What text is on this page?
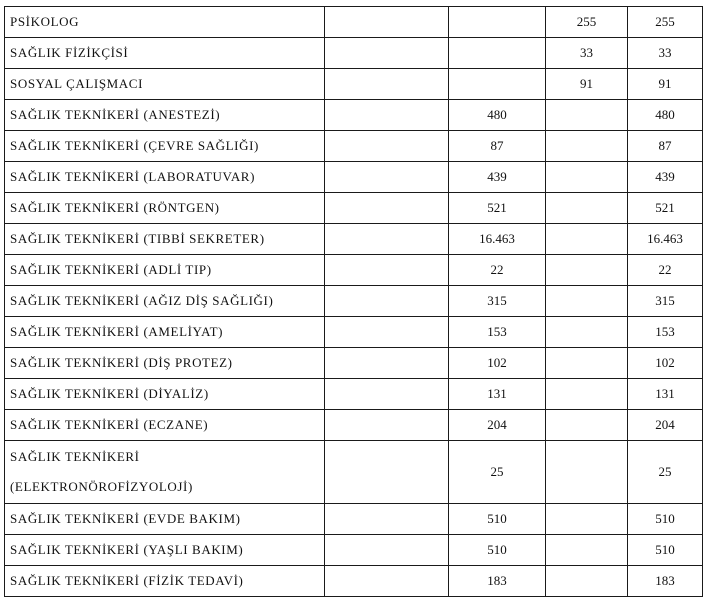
PSİKOLOG			255	255
SAĞLIK FİZİKÇİSİ			33	33
SOSYAL ÇALIŞMACI			91	91
SAĞLIK TEKNİKERİ (ANESTEZİ)		480		480
SAĞLIK TEKNİKERİ (ÇEVRE SAĞLIĞI)		87		87
SAĞLIK TEKNİKERİ (LABORATUVAR)		439		439
SAĞLIK TEKNİKERİ (RÖNTGEN)		521		521
SAĞLIK TEKNİKERİ (TIBBİ SEKRETER)		16.463		16.463
SAĞLIK TEKNİKERİ (ADLİ TIP)		22		22
SAĞLIK TEKNİKERİ (AĞIZ DİŞ SAĞLIĞI)		315		315
SAĞLIK TEKNİKERİ (AMELİYAT)		153		153
SAĞLIK TEKNİKERİ (DİŞ PROTEZ)		102		102
SAĞLIK TEKNİKERİ (DİYALİZ)		131		131
SAĞLIK TEKNİKERİ (ECZANE)		204		204

SAĞLIK TEKNİKERİ
(ELEKTRONÖROFİZYOLOJİ)		25		25
SAĞLIK TEKNİKERİ (EVDE BAKIM)		510		510
SAĞLIK TEKNİKERİ (YAŞLI BAKIM)		510		510
SAĞLIK TEKNİKERİ (FİZİK TEDAVİ)		183		183
